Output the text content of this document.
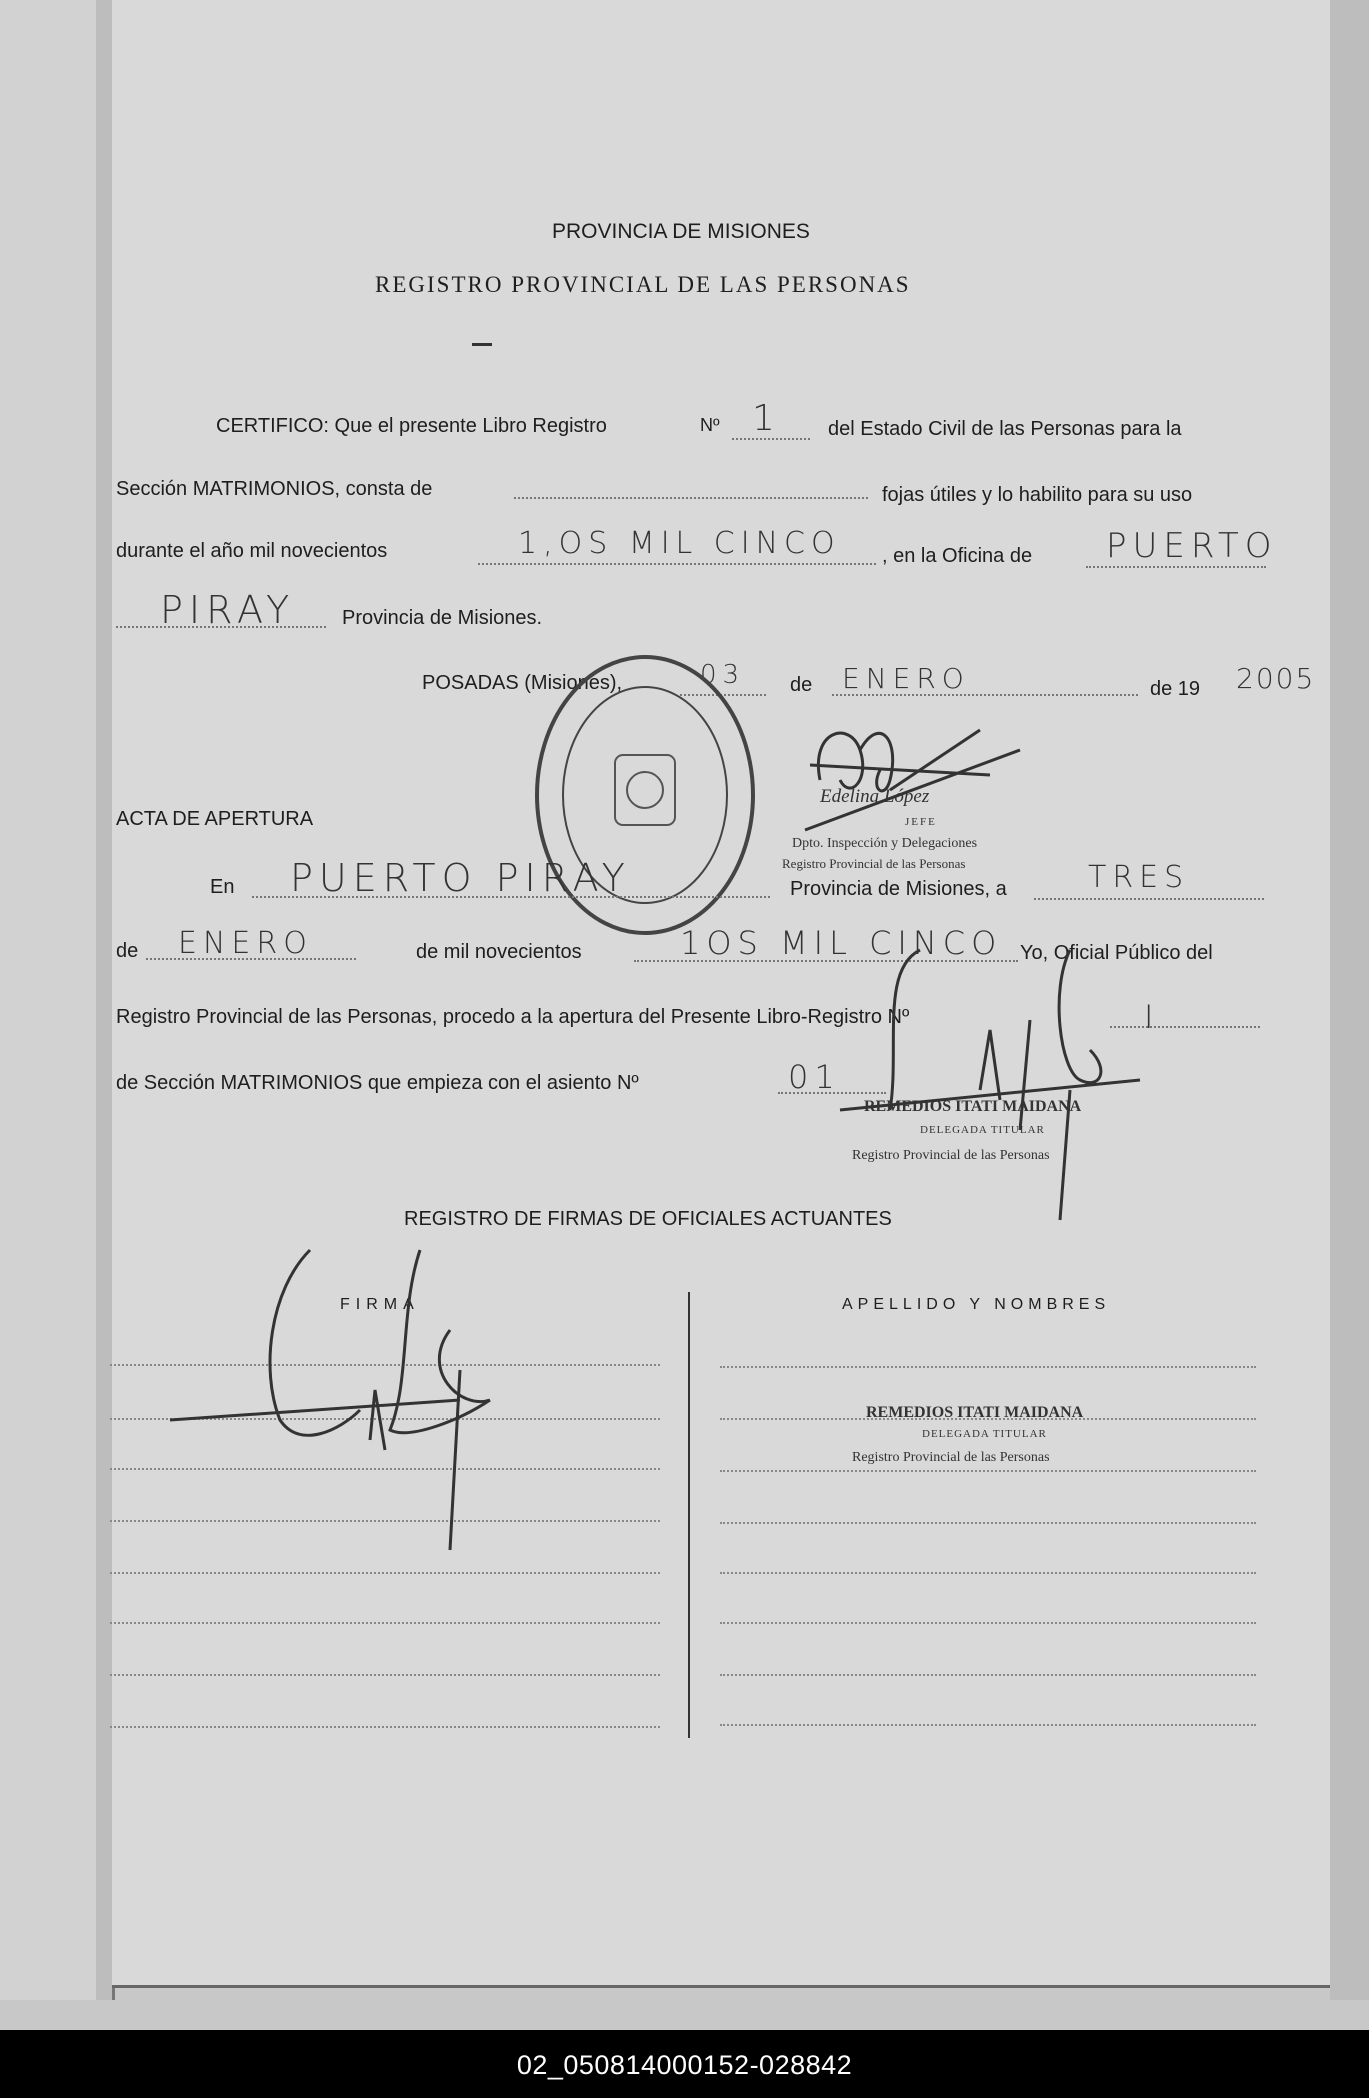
PROVINCIA DE MISIONES
REGISTRO PROVINCIAL DE LAS PERSONAS
CERTIFICO: Que el presente Libro Registro	Nº 1 del Estado Civil de las Personas para la
Sección MATRIMONIOS, consta de	fojas útiles y lo habilito para su uso
durante el año mil novecientos	1,OS MIL CINCO , en la Oficina de PUERTO
PIRAY Provincia de Misiones.
POSADAS (Misiones),	03 de ENERO	de 19 2005
Edelina López
JEFE
Dpto. Inspección y Delegaciones
Registro Provincial de las Personas
ACTA DE APERTURA
En PUERTO PIRAY	Provincia de Misiones, a	TRES
de ENERO	de mil novecientos	1OS MIL CINCO Yo, Oficial Público del
Registro Provincial de las Personas, procedo a la apertura del Presente Libro-Registro Nº	I
de Sección MATRIMONIOS que empieza con el asiento Nº	01
REMEDIOS ITATI MAIDANA
DELEGADA TITULAR
Registro Provincial de las Personas
REGISTRO DE FIRMAS DE OFICIALES ACTUANTES
FIRMA	APELLIDO Y NOMBRES
REMEDIOS ITATI MAIDANA
DELEGADA TITULAR
Registro Provincial de las Personas
02_050814000152-028842
